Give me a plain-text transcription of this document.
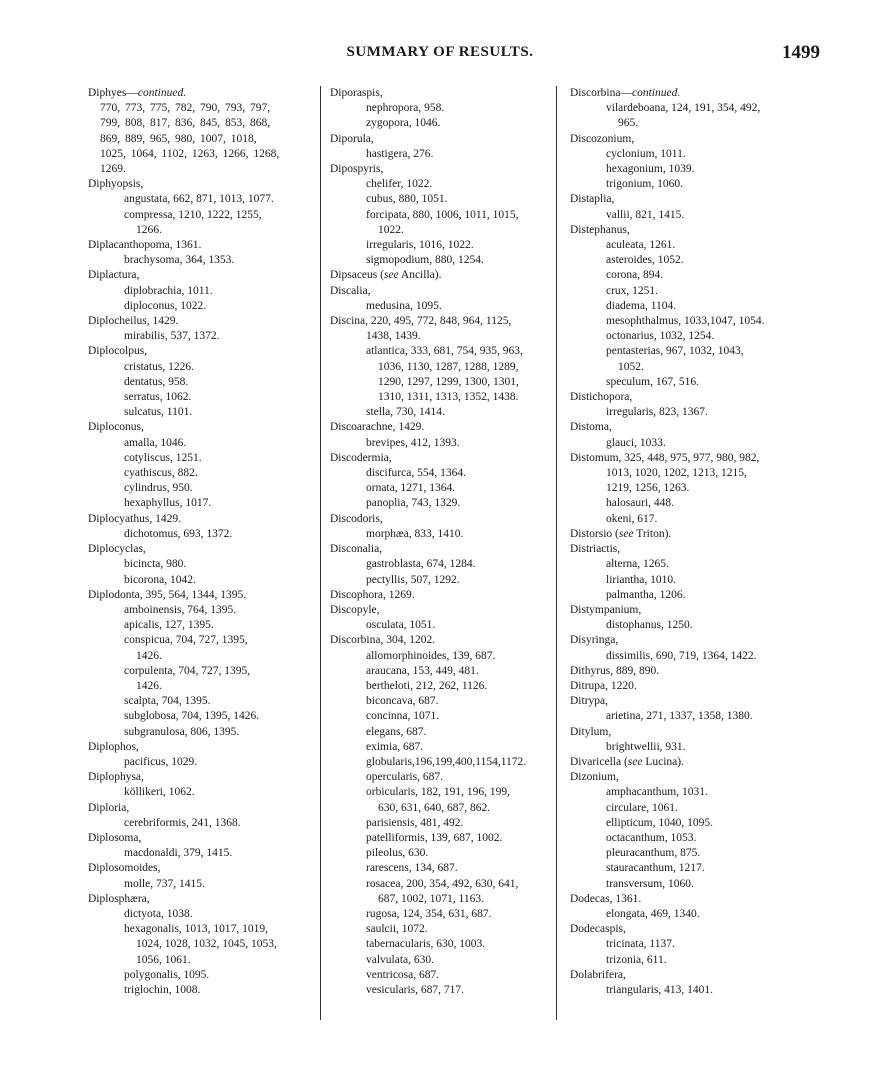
SUMMARY OF RESULTS.	1499
Diphyes—continued.
770, 773, 775, 782, 790, 793, 797,
799, 808, 817, 836, 845, 853, 868,
869, 889, 965, 980, 1007, 1018,
1025, 1064, 1102, 1263, 1266, 1268,
1269.
Diphyopsis,
angustata, 662, 871, 1013, 1077.
compressa, 1210, 1222, 1255,
1266.
Diplacanthopoma, 1361.
brachysoma, 364, 1353.
Diplactura,
diplobrachia, 1011.
diploconus, 1022.
Diplocheilus, 1429.
mirabilis, 537, 1372.
Diplocolpus,
cristatus, 1226.
dentatus, 958.
serratus, 1062.
sulcatus, 1101.
Diploconus,
amalla, 1046.
cotyliscus, 1251.
cyathiscus, 882.
cylindrus, 950.
hexaphyllus, 1017.
Diplocyathus, 1429.
dichotomus, 693, 1372.
Diplocyclas,
bicincta, 980.
bicorona, 1042.
Diplodonta, 395, 564, 1344, 1395.
amboinensis, 764, 1395.
apicalis, 127, 1395.
conspicua, 704, 727, 1395,
1426.
corpulenta, 704, 727, 1395,
1426.
scalpta, 704, 1395.
subglobosa, 704, 1395, 1426.
subgranulosa, 806, 1395.
Diplophos,
pacificus, 1029.
Diplophysa,
köllikeri, 1062.
Diploria,
cerebriformis, 241, 1368.
Diplosoma,
macdonaldi, 379, 1415.
Diplosomoides,
molle, 737, 1415.
Diplosphæra,
dictyota, 1038.
hexagonalis, 1013, 1017, 1019,
1024, 1028, 1032, 1045, 1053,
1056, 1061.
polygonalis, 1095.
triglochin, 1008.
Diporaspis,
nephropora, 958.
zygopora, 1046.
Diporula,
hastigera, 276.
Dipospyris,
chelifer, 1022.
cubus, 880, 1051.
forcipata, 880, 1006, 1011, 1015,
1022.
irregularis, 1016, 1022.
sigmopodium, 880, 1254.
Dipsaceus (see Ancilla).
Discalia,
medusina, 1095.
Discina, 220, 495, 772, 848, 964, 1125,
1438, 1439.
atlantica, 333, 681, 754, 935, 963,
1036, 1130, 1287, 1288, 1289,
1290, 1297, 1299, 1300, 1301,
1310, 1311, 1313, 1352, 1438.
stella, 730, 1414.
Discoarachne, 1429.
brevipes, 412, 1393.
Discodermia,
discifurca, 554, 1364.
ornata, 1271, 1364.
panoplia, 743, 1329.
Discodoris,
morphæa, 833, 1410.
Disconalia,
gastroblasta, 674, 1284.
pectyllis, 507, 1292.
Discophora, 1269.
Discopyle,
osculata, 1051.
Discorbina, 304, 1202.
allomorphinoides, 139, 687.
araucana, 153, 449, 481.
bertheloti, 212, 262, 1126.
biconcava, 687.
concinna, 1071.
elegans, 687.
eximia, 687.
globularis,196,199,400,1154,1172.
opercularis, 687.
orbicularis, 182, 191, 196, 199,
630, 631, 640, 687, 862.
parisiensis, 481, 492.
patelliformis, 139, 687, 1002.
pileolus, 630.
rarescens, 134, 687.
rosacea, 200, 354, 492, 630, 641,
687, 1002, 1071, 1163.
rugosa, 124, 354, 631, 687.
saulcii, 1072.
tabernacularis, 630, 1003.
valvulata, 630.
ventricosa, 687.
vesicularis, 687, 717.
Discorbina—continued.
vilardeboana, 124, 191, 354, 492,
965.
Discozonium,
cyclonium, 1011.
hexagonium, 1039.
trigonium, 1060.
Distaplia,
vallii, 821, 1415.
Distephanus,
aculeata, 1261.
asteroides, 1052.
corona, 894.
crux, 1251.
diadema, 1104.
mesophthalmus, 1033,1047, 1054.
octonarius, 1032, 1254.
pentasterias, 967, 1032, 1043,
1052.
speculum, 167, 516.
Distichopora,
irregularis, 823, 1367.
Distoma,
glauci, 1033.
Distomum, 325, 448, 975, 977, 980, 982,
1013, 1020, 1202, 1213, 1215,
1219, 1256, 1263.
halosauri, 448.
okeni, 617.
Distorsio (see Triton).
Distriactis,
alterna, 1265.
liriantha, 1010.
palmantha, 1206.
Distympanium,
distophanus, 1250.
Disyringa,
dissimilis, 690, 719, 1364, 1422.
Dithyrus, 889, 890.
Ditrupa, 1220.
Ditrypa,
arietina, 271, 1337, 1358, 1380.
Ditylum,
brightwellii, 931.
Divaricella (see Lucina).
Dizonium,
amphacanthum, 1031.
circulare, 1061.
ellipticum, 1040, 1095.
octacanthum, 1053.
pleuracanthum, 875.
stauracanthum, 1217.
transversum, 1060.
Dodecas, 1361.
elongata, 469, 1340.
Dodecaspis,
tricinata, 1137.
trizonia, 611.
Dolabrifera,
triangularis, 413, 1401.
